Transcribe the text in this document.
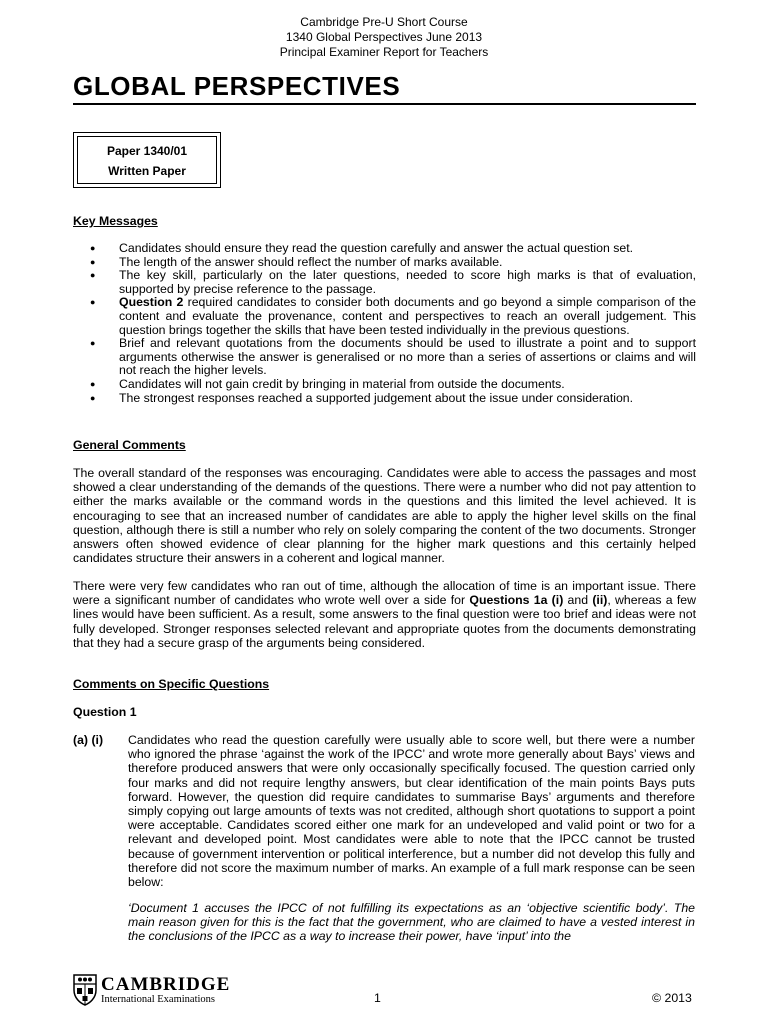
Cambridge Pre-U Short Course
1340 Global Perspectives June 2013
Principal Examiner Report for Teachers
GLOBAL PERSPECTIVES
Paper 1340/01
Written Paper
Key Messages
● Candidates should ensure they read the question carefully and answer the actual question set.
● The length of the answer should reflect the number of marks available.
● The key skill, particularly on the later questions, needed to score high marks is that of evaluation, supported by precise reference to the passage.
● Question 2 required candidates to consider both documents and go beyond a simple comparison of the content and evaluate the provenance, content and perspectives to reach an overall judgement. This question brings together the skills that have been tested individually in the previous questions.
● Brief and relevant quotations from the documents should be used to illustrate a point and to support arguments otherwise the answer is generalised or no more than a series of assertions or claims and will not reach the higher levels.
● Candidates will not gain credit by bringing in material from outside the documents.
● The strongest responses reached a supported judgement about the issue under consideration.
General Comments
The overall standard of the responses was encouraging. Candidates were able to access the passages and most showed a clear understanding of the demands of the questions. There were a number who did not pay attention to either the marks available or the command words in the questions and this limited the level achieved. It is encouraging to see that an increased number of candidates are able to apply the higher level skills on the final question, although there is still a number who rely on solely comparing the content of the two documents. Stronger answers often showed evidence of clear planning for the higher mark questions and this certainly helped candidates structure their answers in a coherent and logical manner.
There were very few candidates who ran out of time, although the allocation of time is an important issue. There were a significant number of candidates who wrote well over a side for Questions 1a (i) and (ii), whereas a few lines would have been sufficient. As a result, some answers to the final question were too brief and ideas were not fully developed. Stronger responses selected relevant and appropriate quotes from the documents demonstrating that they had a secure grasp of the arguments being considered.
Comments on Specific Questions
Question 1
(a) (i) Candidates who read the question carefully were usually able to score well, but there were a number who ignored the phrase ‘against the work of the IPCC’ and wrote more generally about Bays’ views and therefore produced answers that were only occasionally specifically focused. The question carried only four marks and did not require lengthy answers, but clear identification of the main points Bays puts forward. However, the question did require candidates to summarise Bays’ arguments and therefore simply copying out large amounts of texts was not credited, although short quotations to support a point were acceptable. Candidates scored either one mark for an undeveloped and valid point or two for a relevant and developed point. Most candidates were able to note that the IPCC cannot be trusted because of government intervention or political interference, but a number did not develop this fully and therefore did not score the maximum number of marks. An example of a full mark response can be seen below:
‘Document 1 accuses the IPCC of not fulfilling its expectations as an ‘objective scientific body’. The main reason given for this is the fact that the government, who are claimed to have a vested interest in the conclusions of the IPCC as a way to increase their power, have ‘input’ into the
CAMBRIDGE
International Examinations	1	© 2013
